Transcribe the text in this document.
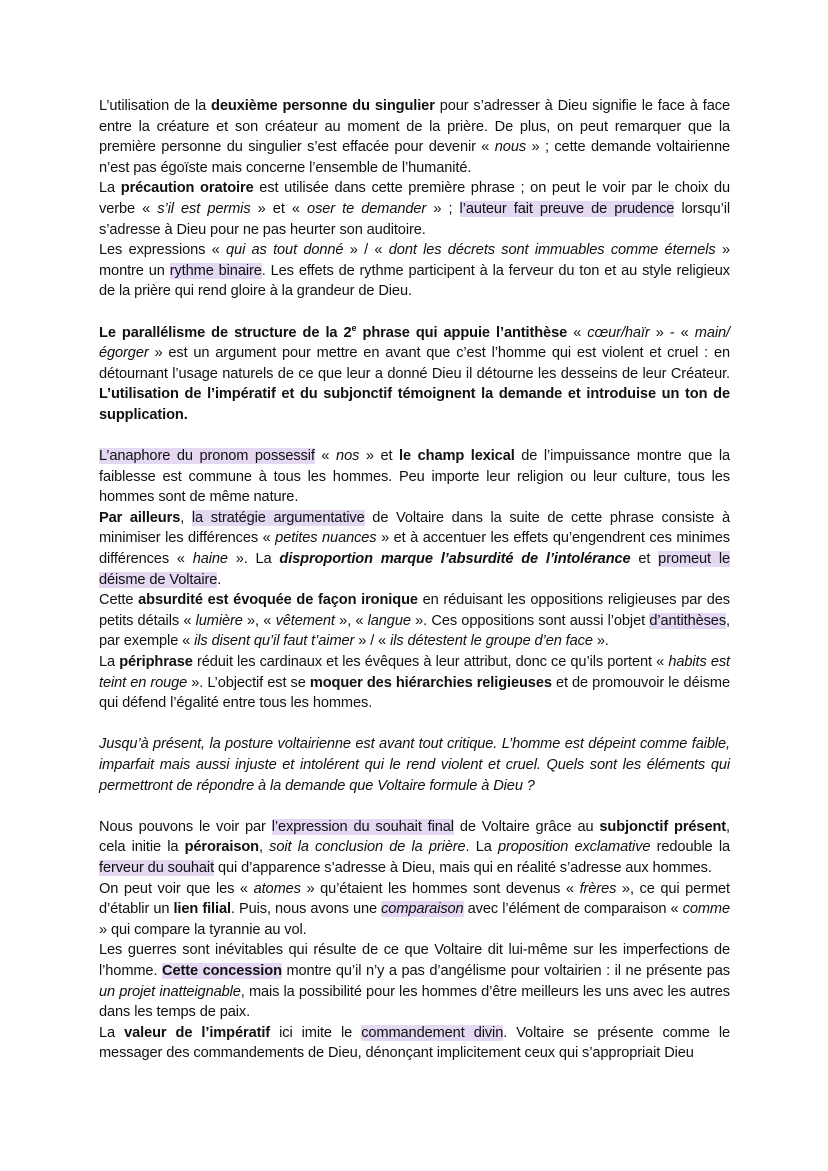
L’utilisation de la deuxième personne du singulier pour s’adresser à Dieu signifie le face à face entre la créature et son créateur au moment de la prière. De plus, on peut remarquer que la première personne du singulier s’est effacée pour devenir « nous » ; cette demande voltairienne n’est pas égoïste mais concerne l’ensemble de l’humanité.

La précaution oratoire est utilisée dans cette première phrase ; on peut le voir par le choix du verbe « s’il est permis » et « oser te demander » ; l’auteur fait preuve de prudence lorsqu’il s’adresse à Dieu pour ne pas heurter son auditoire.

Les expressions « qui as tout donné » / « dont les décrets sont immuables comme éternels » montre un rythme binaire. Les effets de rythme participent à la ferveur du ton et au style religieux de la prière qui rend gloire à la grandeur de Dieu.

Le parallélisme de structure de la 2e phrase qui appuie l’antithèse « cœur/haïr » - « main/égorger » est un argument pour mettre en avant que c’est l’homme qui est violent et cruel : en détournant l’usage naturels de ce que leur a donné Dieu il détourne les desseins de leur Créateur. L’utilisation de l’impératif et du subjonctif témoignent la demande et introduise un ton de supplication.

L’anaphore du pronom possessif « nos » et le champ lexical de l’impuissance montre que la faiblesse est commune à tous les hommes. Peu importe leur religion ou leur culture, tous les hommes sont de même nature.

Par ailleurs, la stratégie argumentative de Voltaire dans la suite de cette phrase consiste à minimiser les différences « petites nuances » et à accentuer les effets qu’engendrent ces minimes différences « haine ». La disproportion marque l’absurdité de l’intolérance et promeut le déisme de Voltaire.

Cette absurdité est évoquée de façon ironique en réduisant les oppositions religieuses par des petits détails « lumière », « vêtement », « langue ». Ces oppositions sont aussi l’objet d’antithèses, par exemple « ils disent qu’il faut t’aimer » / « ils détestent le groupe d’en face ».

La périphrase réduit les cardinaux et les évêques à leur attribut, donc ce qu’ils portent « habits est teint en rouge ». L’objectif est se moquer des hiérarchies religieuses et de promouvoir le déisme qui défend l’égalité entre tous les hommes.

Jusqu’à présent, la posture voltairienne est avant tout critique. L’homme est dépeint comme faible, imparfait mais aussi injuste et intolérent qui le rend violent et cruel. Quels sont les éléments qui permettront de répondre à la demande que Voltaire formule à Dieu ?

Nous pouvons le voir par l’expression du souhait final de Voltaire grâce au subjonctif présent, cela initie la péroraison, soit la conclusion de la prière. La proposition exclamative redouble la ferveur du souhait qui d’apparence s’adresse à Dieu, mais qui en réalité s’adresse aux hommes.

On peut voir que les « atomes » qu’étaient les hommes sont devenus « frères », ce qui permet d’établir un lien filial. Puis, nous avons une comparaison avec l’élément de comparaison « comme » qui compare la tyrannie au vol.

Les guerres sont inévitables qui résulte de ce que Voltaire dit lui-même sur les imperfections de l’homme. Cette concession montre qu’il n’y a pas d’angélisme pour voltairien : il ne présente pas un projet inatteignable, mais la possibilité pour les hommes d’être meilleurs les uns avec les autres dans les temps de paix.

La valeur de l’impératif ici imite le commandement divin. Voltaire se présente comme le messager des commandements de Dieu, dénonçant implicitement ceux qui s’appropriait Dieu
